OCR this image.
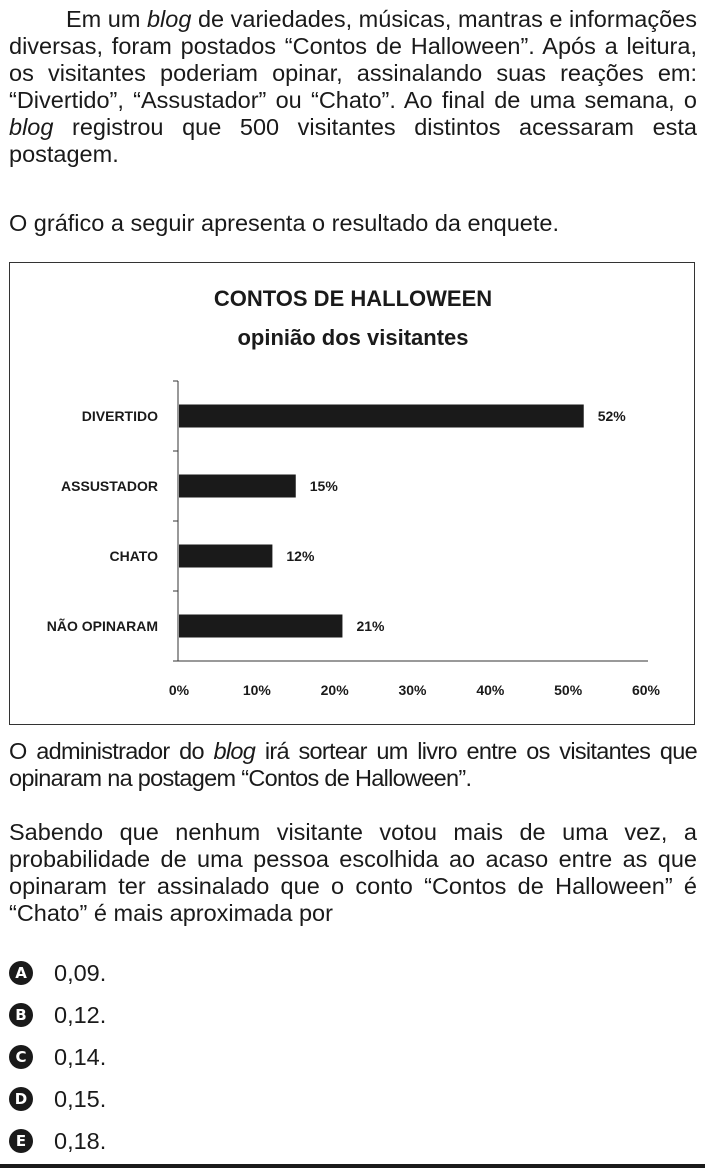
Em um blog de variedades, músicas, mantras e informações diversas, foram postados “Contos de Halloween”. Após a leitura, os visitantes poderiam opinar, assinalando suas reações em: “Divertido”, “Assustador” ou “Chato”. Ao final de uma semana, o blog registrou que 500 visitantes distintos acessaram esta postagem.
O gráfico a seguir apresenta o resultado da enquete.
CONTOS DE HALLOWEEN
opinião dos visitantes
DIVERTIDO	52%
ASSUSTADOR	15%
CHATO	12%
NÃO OPINARAM	21%
0%	10%	20%	30%	40%	50%	60%
O administrador do blog irá sortear um livro entre os visitantes que opinaram na postagem “Contos de Halloween”.
Sabendo que nenhum visitante votou mais de uma vez, a probabilidade de uma pessoa escolhida ao acaso entre as que opinaram ter assinalado que o conto “Contos de Halloween” é “Chato” é mais aproximada por
A 0,09.
B 0,12.
C 0,14.
D 0,15.
E 0,18.
